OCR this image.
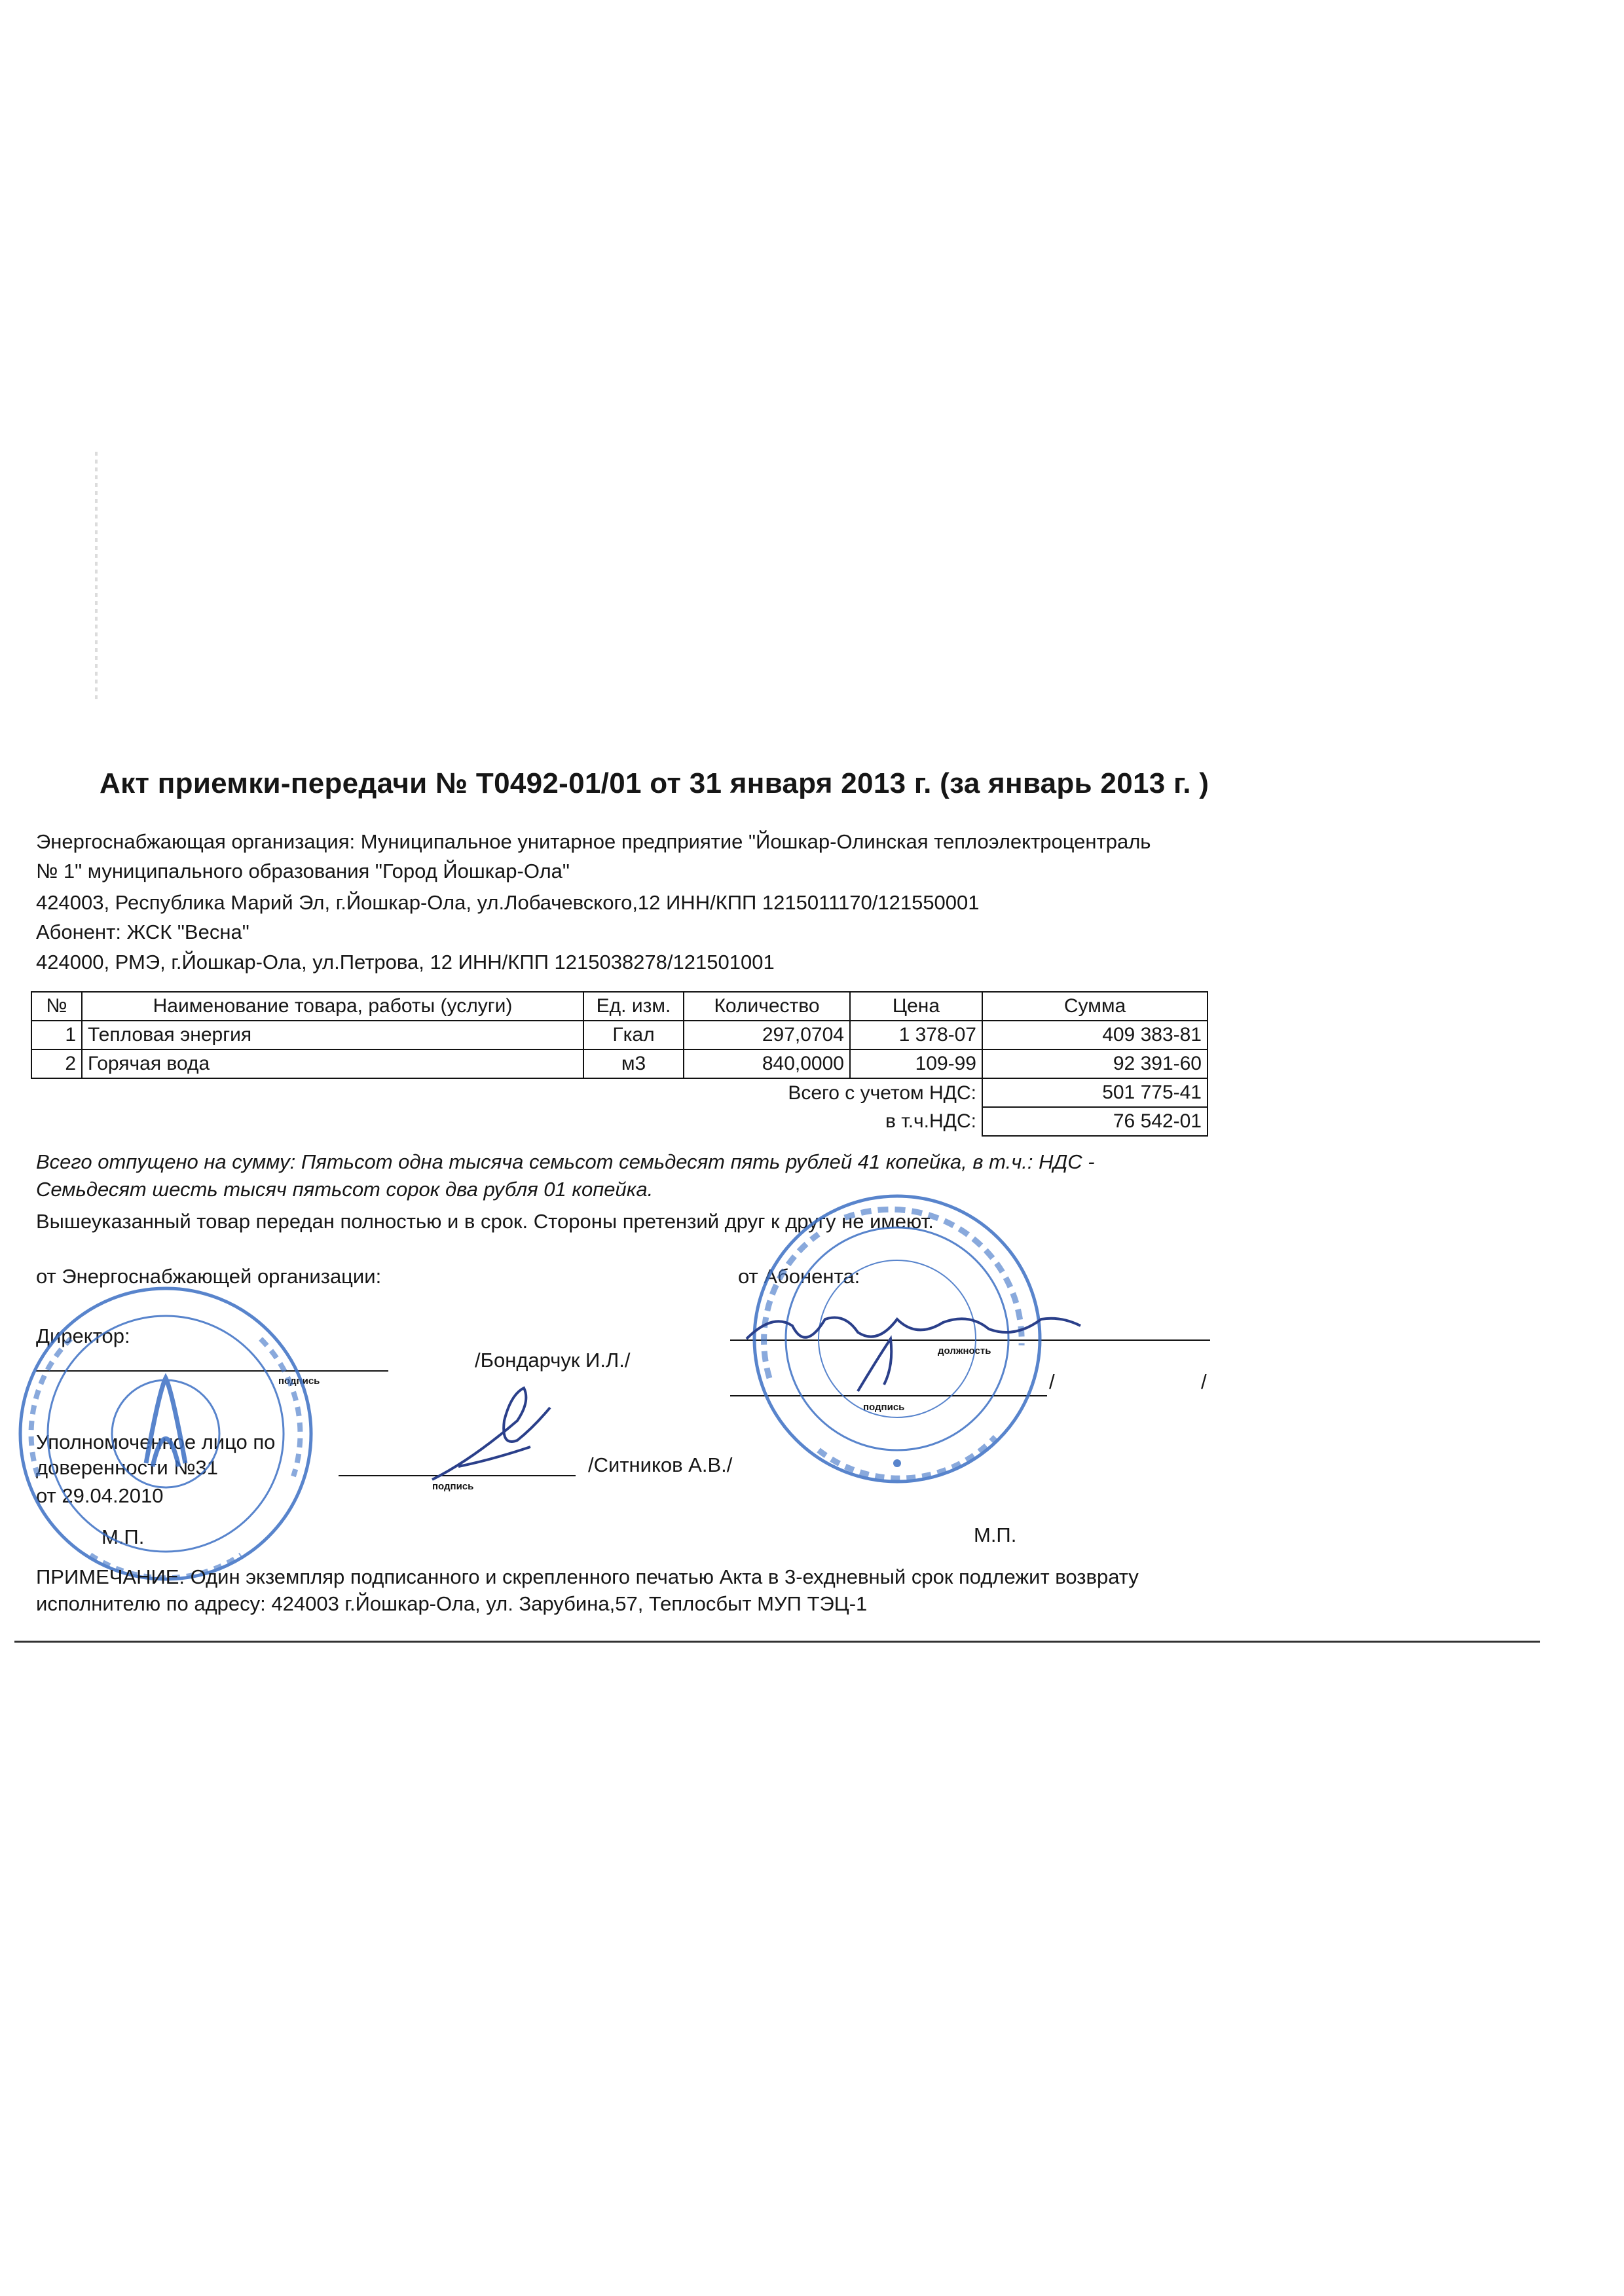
Акт приемки-передачи № Т0492-01/01 от 31 января 2013 г. (за январь 2013 г. )
Энергоснабжающая организация: Муниципальное унитарное предприятие "Йошкар-Олинская теплоэлектроцентраль
№ 1" муниципального образования "Город Йошкар-Ола"
424003, Республика Марий Эл, г.Йошкар-Ола, ул.Лобачевского,12 ИНН/КПП 1215011170/121550001
Абонент: ЖСК "Весна"
424000, РМЭ, г.Йошкар-Ола, ул.Петрова, 12 ИНН/КПП 1215038278/121501001
№	Наименование товара, работы (услуги)	Ед. изм.	Количество	Цена	Сумма
1	Тепловая энергия	Гкал	297,0704	1 378-07	409 383-81
2	Горячая вода	м3	840,0000	109-99	92 391-60
			Всего с учетом НДС:		501 775-41
			в т.ч.НДС:		76 542-01
Всего отпущено на сумму: Пятьсот одна тысяча семьсот семьдесят пять рублей 41 копейка, в т.ч.: НДС -
Семьдесят шесть тысяч пятьсот сорок два рубля 01 копейка.
Вышеуказанный товар передан полностью и в срок. Стороны претензий друг к другу не имеют.
от Энергоснабжающей организации:	от Абонента:
Директор:
подпись
/Бондарчук И.Л./
Уполномоченное лицо по
доверенности №31
от 29.04.2010	подпись
/Ситников А.В./
М.П.
должность
подпись
/	/
М.П.
ПРИМЕЧАНИЕ. Один экземпляр подписанного и скрепленного печатью Акта в 3-ехдневный срок подлежит возврату
исполнителю по адресу: 424003 г.Йошкар-Ола, ул. Зарубина,57, Теплосбыт МУП ТЭЦ-1
